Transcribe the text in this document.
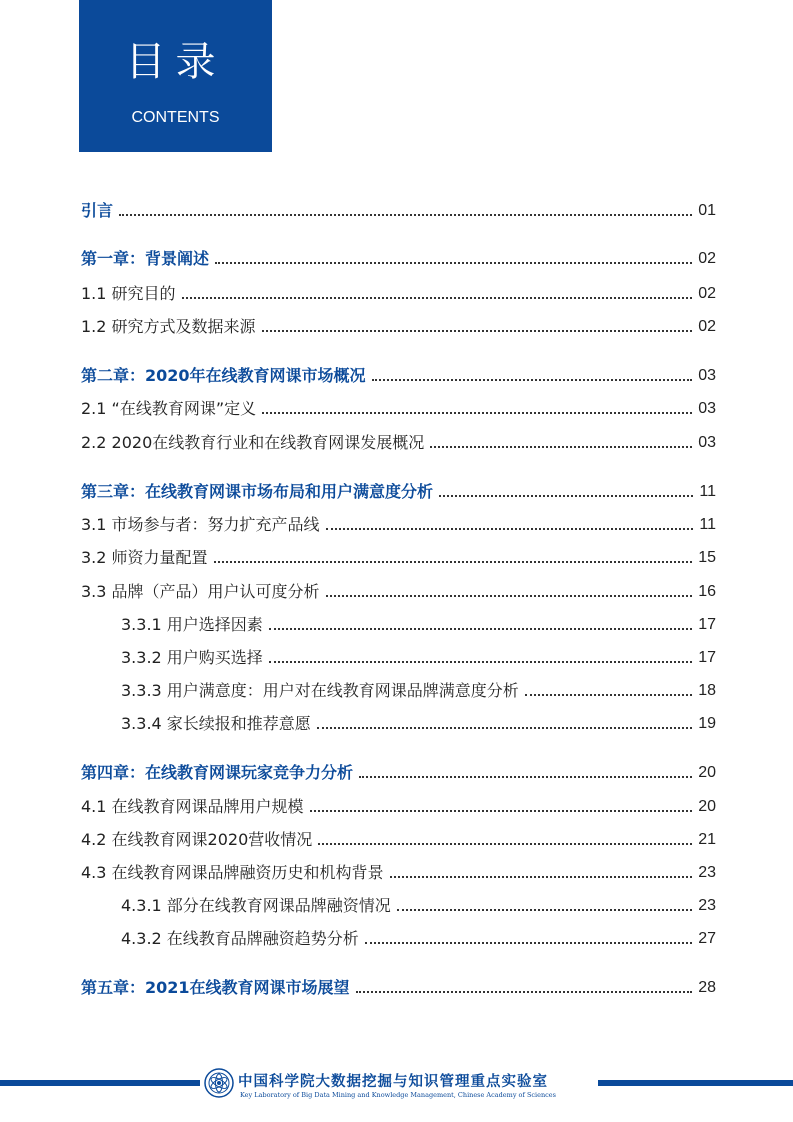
目录
CONTENTS
引言	01
第一章：背景阐述	02
1.1 研究目的	02
1.2 研究方式及数据来源	02
第二章：2020年在线教育网课市场概况	03
2.1 “在线教育网课”定义	03
2.2 2020在线教育行业和在线教育网课发展概况	03
第三章：在线教育网课市场布局和用户满意度分析	11
3.1 市场参与者：努力扩充产品线	11
3.2 师资力量配置	15
3.3 品牌（产品）用户认可度分析	16
3.3.1 用户选择因素	17
3.3.2 用户购买选择	17
3.3.3 用户满意度：用户对在线教育网课品牌满意度分析	18
3.3.4 家长续报和推荐意愿	19
第四章：在线教育网课玩家竞争力分析	20
4.1 在线教育网课品牌用户规模	20
4.2 在线教育网课2020营收情况	21
4.3 在线教育网课品牌融资历史和机构背景	23
4.3.1 部分在线教育网课品牌融资情况	23
4.3.2 在线教育品牌融资趋势分析	27
第五章：2021在线教育网课市场展望	28
中国科学院大数据挖掘与知识管理重点实验室
Key Laboratory of Big Data Mining and Knowledge Management, Chinese Academy of Sciences
